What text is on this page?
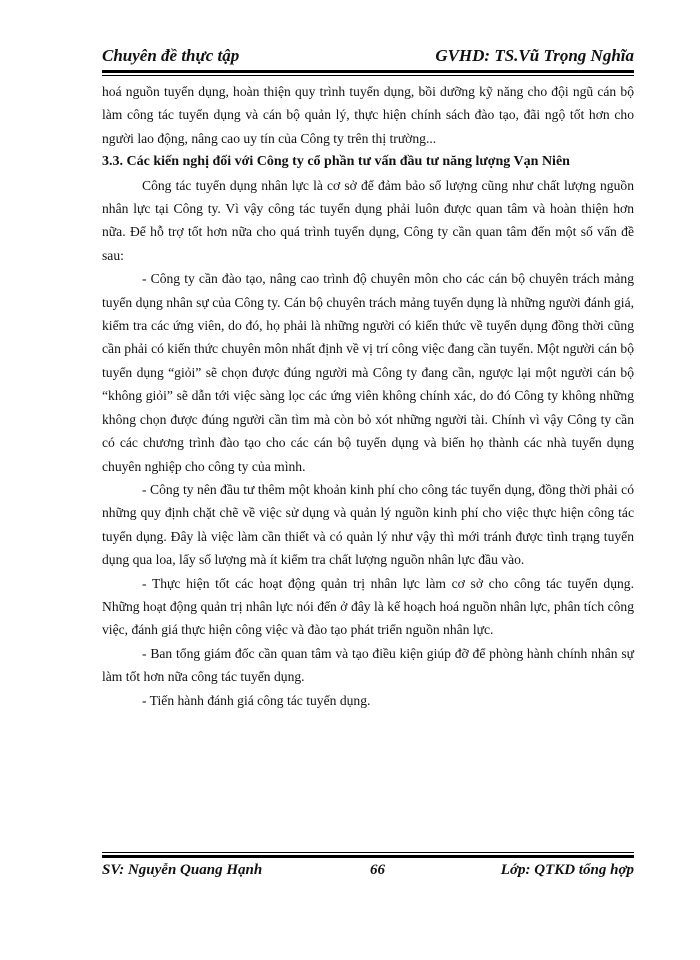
Chuyên đề thực tập	GVHD: TS.Vũ Trọng Nghĩa

hoá nguồn tuyển dụng, hoàn thiện quy trình tuyển dụng, bồi dưỡng kỹ năng cho đội ngũ cán bộ làm công tác tuyển dụng và cán bộ quản lý, thực hiện chính sách đào tạo, đãi ngộ tốt hơn cho người lao động, nâng cao uy tín của Công ty trên thị trường...

3.3. Các kiến nghị đối với Công ty cổ phần tư vấn đầu tư năng lượng Vạn Niên

Công tác tuyển dụng nhân lực là cơ sở để đảm bảo số lượng cũng như chất lượng nguồn nhân lực tại Công ty. Vì vậy công tác tuyển dụng phải luôn được quan tâm và hoàn thiện hơn nữa. Để hỗ trợ tốt hơn nữa cho quá trình tuyển dụng, Công ty cần quan tâm đến một số vấn đề sau:

- Công ty cần đào tạo, nâng cao trình độ chuyên môn cho các cán bộ chuyên trách mảng tuyển dụng nhân sự của Công ty. Cán bộ chuyên trách mảng tuyển dụng là những người đánh giá, kiểm tra các ứng viên, do đó, họ phải là những người có kiến thức về tuyển dụng đồng thời cũng cần phải có kiến thức chuyên môn nhất định về vị trí công việc đang cần tuyển. Một người cán bộ tuyển dụng “giỏi” sẽ chọn được đúng người mà Công ty đang cần, ngược lại một người cán bộ “không giỏi” sẽ dẫn tới việc sàng lọc các ứng viên không chính xác, do đó Công ty không những không chọn được đúng người cần tìm mà còn bỏ xót những người tài. Chính vì vậy Công ty cần có các chương trình đào tạo cho các cán bộ tuyển dụng và biến họ thành các nhà tuyển dụng chuyên nghiệp cho công ty của mình.

- Công ty nên đầu tư thêm một khoản kinh phí cho công tác tuyển dụng, đồng thời phải có những quy định chặt chẽ về việc sử dụng và quản lý nguồn kinh phí cho việc thực hiện công tác tuyển dụng. Đây là việc làm cần thiết và có quản lý như vậy thì mới tránh được tình trạng tuyển dụng qua loa, lấy số lượng mà ít kiểm tra chất lượng nguồn nhân lực đầu vào.

- Thực hiện tốt các hoạt động quản trị nhân lực làm cơ sở cho công tác tuyển dụng. Những hoạt động quản trị nhân lực nói đến ở đây là kế hoạch hoá nguồn nhân lực, phân tích công việc, đánh giá thực hiện công việc và đào tạo phát triển nguồn nhân lực.

- Ban tổng giám đốc cần quan tâm và tạo điều kiện giúp đỡ để phòng hành chính nhân sự làm tốt hơn nữa công tác tuyển dụng.

- Tiến hành đánh giá công tác tuyển dụng.

SV: Nguyễn Quang Hạnh	66	Lớp: QTKD tổng hợp
